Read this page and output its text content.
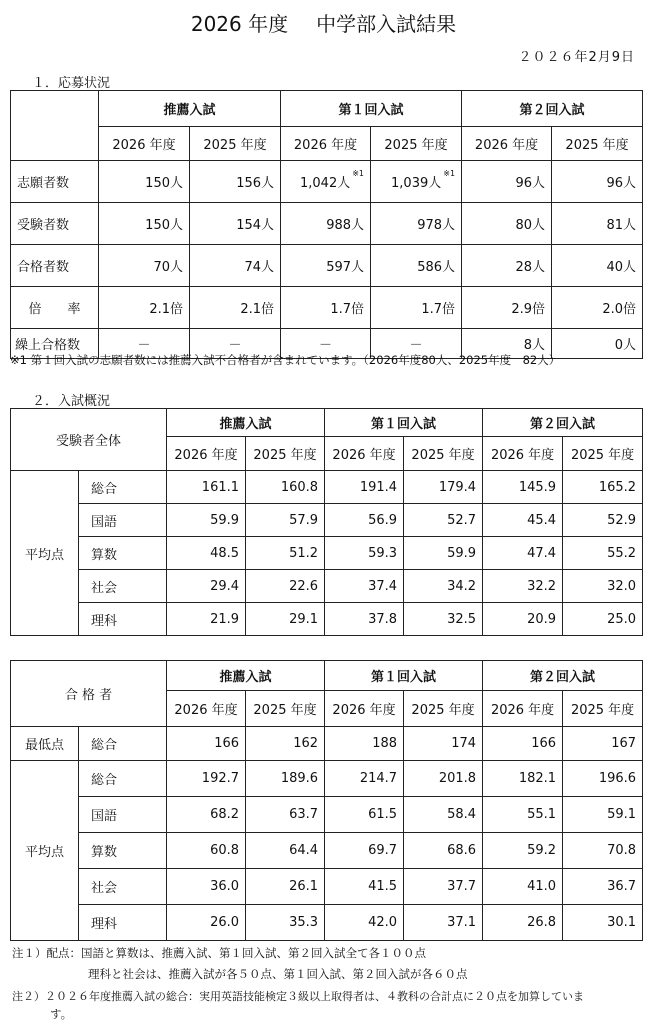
2026 年度 中学部入試結果
２０２６年2月9日
１．応募状況
	推薦入試		第１回入試		第２回入試	
	2026 年度	2025 年度	2026 年度	2025 年度	2026 年度	2025 年度
志願者数	150人	156人	1,042人$^{※1}$	1,039人$^{※1}$	96人	96人
受験者数	150人	154人	988人	978人	80人	81人
合格者数	70人	74人	597人	586人	28人	40人
倍　　率	2.1倍	2.1倍	1.7倍	1.7倍	2.9倍	2.0倍
繰上合格数	－	－	－	－	8人	0人
※1 第１回入試の志願者数には推薦入試不合格者が含まれています。（2026年度80人、2025年度　82人）
２．入試概況
受験者全体		推薦入試		第１回入試		第２回入試	
		2026 年度	2025 年度	2026 年度	2025 年度	2026 年度	2025 年度
平均点	総合	161.1	160.8	191.4	179.4	145.9	165.2
	国語	59.9	57.9	56.9	52.7	45.4	52.9
	算数	48.5	51.2	59.3	59.9	47.4	55.2
	社会	29.4	22.6	37.4	34.2	32.2	32.0
	理科	21.9	29.1	37.8	32.5	20.9	25.0
合 格 者		推薦入試		第１回入試		第２回入試	
		2026 年度	2025 年度	2026 年度	2025 年度	2026 年度	2025 年度
最低点	総合	166	162	188	174	166	167
平均点	総合	192.7	189.6	214.7	201.8	182.1	196.6
	国語	68.2	63.7	61.5	58.4	55.1	59.1
	算数	60.8	64.4	69.7	68.6	59.2	70.8
	社会	36.0	26.1	41.5	37.7	41.0	36.7
	理科	26.0	35.3	42.0	37.1	26.8	30.1
注１）配点：国語と算数は、推薦入試、第１回入試、第２回入試全て各１００点
理科と社会は、推薦入試が各５０点、第１回入試、第２回入試が各６０点
注２）２０２６年度推薦入試の総合：実用英語技能検定３級以上取得者は、４教科の合計点に２０点を加算していま
す。
